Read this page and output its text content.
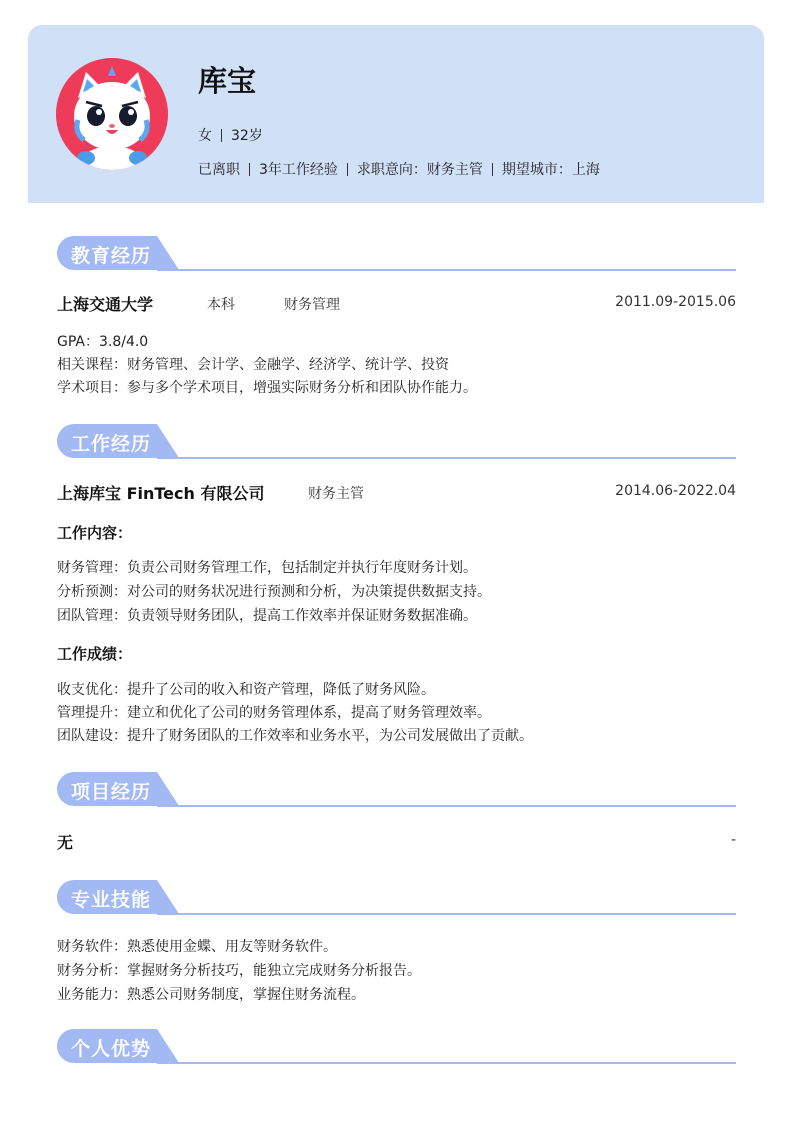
库宝
女 32岁
已离职 3年工作经验 求职意向：财务主管 期望城市：上海
教育经历
上海交通大学	本科	财务管理	2011.09-2015.06
GPA：3.8/4.0
相关课程：财务管理、会计学、金融学、经济学、统计学、投资
学术项目：参与多个学术项目，增强实际财务分析和团队协作能力。
工作经历
上海库宝 FinTech 有限公司	财务主管	2014.06-2022.04
工作内容：
财务管理：负责公司财务管理工作，包括制定并执行年度财务计划。
分析预测：对公司的财务状况进行预测和分析，为决策提供数据支持。
团队管理：负责领导财务团队，提高工作效率并保证财务数据准确。
工作成绩：
收支优化：提升了公司的收入和资产管理，降低了财务风险。
管理提升：建立和优化了公司的财务管理体系，提高了财务管理效率。
团队建设：提升了财务团队的工作效率和业务水平，为公司发展做出了贡献。
项目经历
无	-
专业技能
财务软件：熟悉使用金蝶、用友等财务软件。
财务分析：掌握财务分析技巧，能独立完成财务分析报告。
业务能力：熟悉公司财务制度，掌握住财务流程。
个人优势
